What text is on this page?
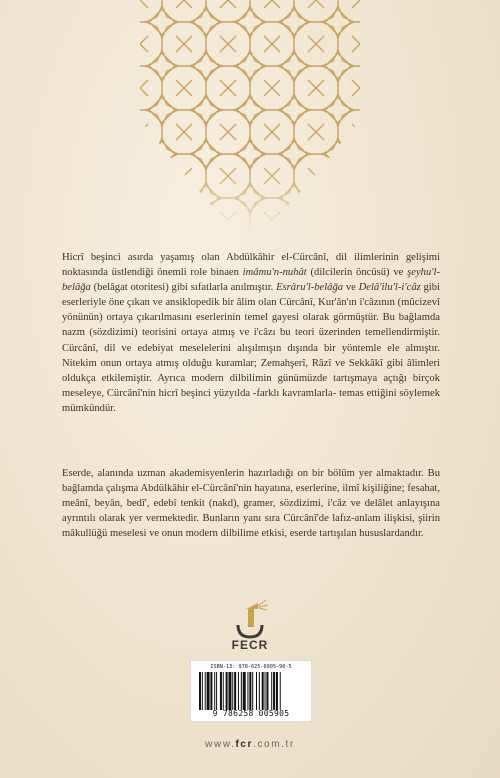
Hicrî beşinci asırda yaşamış olan Abdülkâhir el-Cürcânî, dil ilimlerinin gelişimi noktasında üstlendiği önemli role binaen imâmu'n-nuhât (dilcilerin öncüsü) ve şeyhu'l-belâğa (belâgat otoritesi) gibi sıfatlarla anılmıştır. Esrâru'l-belâğa ve Delâ'ilu'l-i'câz gibi eserleriyle öne çıkan ve ansiklopedik bir âlim olan Cürcânî, Kur'ân'ın i'câzının (mûcizevî yönünün) ortaya çıkarılmasını eserlerinin temel gayesi olarak görmüştür. Bu bağlamda nazm (sözdizimi) teorisini ortaya atmış ve i'câzı bu teori üzerinden temellendirmiştir. Cürcânî, dil ve edebiyat meselelerini alışılmışın dışında bir yöntemle ele almıştır. Nitekim onun ortaya atmış olduğu kuramlar; Zemahşerî, Râzî ve Sekkâkî gibi âlimleri oldukça etkilemiştir. Ayrıca modern dilbilimin günümüzde tartışmaya açtığı birçok meseleye, Cürcânî'nin hicrî beşinci yüzyılda -farklı kavramlarla- temas ettiğini söylemek mümkündür.
Eserde, alanında uzman akademisyenlerin hazırladığı on bir bölüm yer almaktadır. Bu bağlamda çalışma Abdülkâhir el-Cürcânî'nin hayatına, eserlerine, ilmî kişiliğine; fesahat, meânî, beyân, bedî', edebî tenkit (nakd), gramer, sözdizimi, i'câz ve delâlet anlayışına ayrıntılı olarak yer vermektedir. Bunların yanı sıra Cürcânî'de lafız-anlam ilişkisi, şiirin mâkullüğü meselesi ve onun modern dilbilime etkisi, eserde tartışılan hususlardandır.
FECR
ISBN-13: 978-625-6005-90-5
9 786258 005905
www.fcr.com.tr
